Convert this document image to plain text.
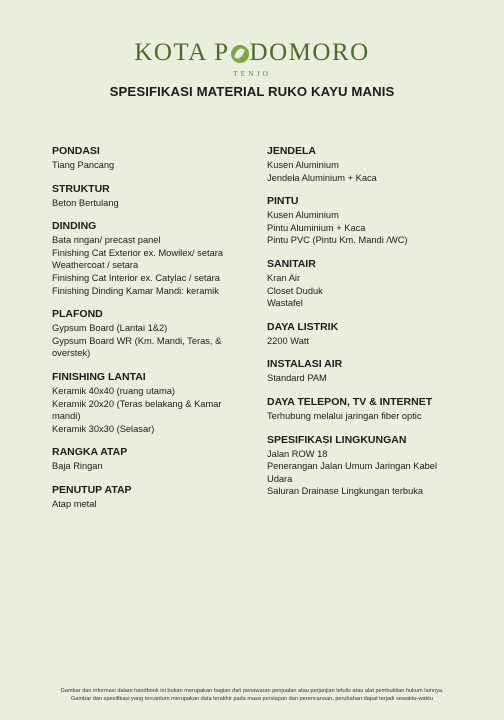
KOTA P DOMORO
TENJO
SPESIFIKASI MATERIAL RUKO KAYU MANIS
PONDASI
Tiang Pancang
STRUKTUR
Beton Bertulang
DINDING
Bata ringan/ precast panel
Finishing Cat Exterior ex. Mowilex/ setara
Weathercoat / setara
Finishing Cat Interior ex. Catylac / setara
Finishing Dinding Kamar Mandi: keramik
PLAFOND
Gypsum Board (Lantai 1&2)
Gypsum Board WR (Km. Mandi, Teras, &
overstek)
FINISHING LANTAI
Keramik 40x40 (ruang utama)
Keramik 20x20 (Teras belakang & Kamar
mandi)
Keramik 30x30 (Selasar)
RANGKA ATAP
Baja Ringan
PENUTUP ATAP
Atap metal
JENDELA
Kusen Aluminium
Jendela Aluminium + Kaca
PINTU
Kusen Aluminium
Pintu Aluminium + Kaca
Pintu PVC (Pintu Km. Mandi /WC)
SANITAIR
Kran Air
Closet Duduk
Wastafel
DAYA LISTRIK
2200 Watt
INSTALASI AIR
Standard PAM
DAYA TELEPON, TV & INTERNET
Terhubung melalui jaringan fiber optic
SPESIFIKASI LINGKUNGAN
Jalan ROW 18
Penerangan Jalan Umum Jaringan Kabel
Udara
Saluran Drainase Lingkungan terbuka
Gambar dan informasi dalam handbook ini bukan merupakan bagian dari penawaran penjualan atau perjanjian tetulis atau alat pembuktian hukum lainnya.
Gambar dan spesifikasi yang tercantum merupakan data terakhir pada masa persiapan dan perencanaan, perubahan dapat terjadi sewaktu-waktu
